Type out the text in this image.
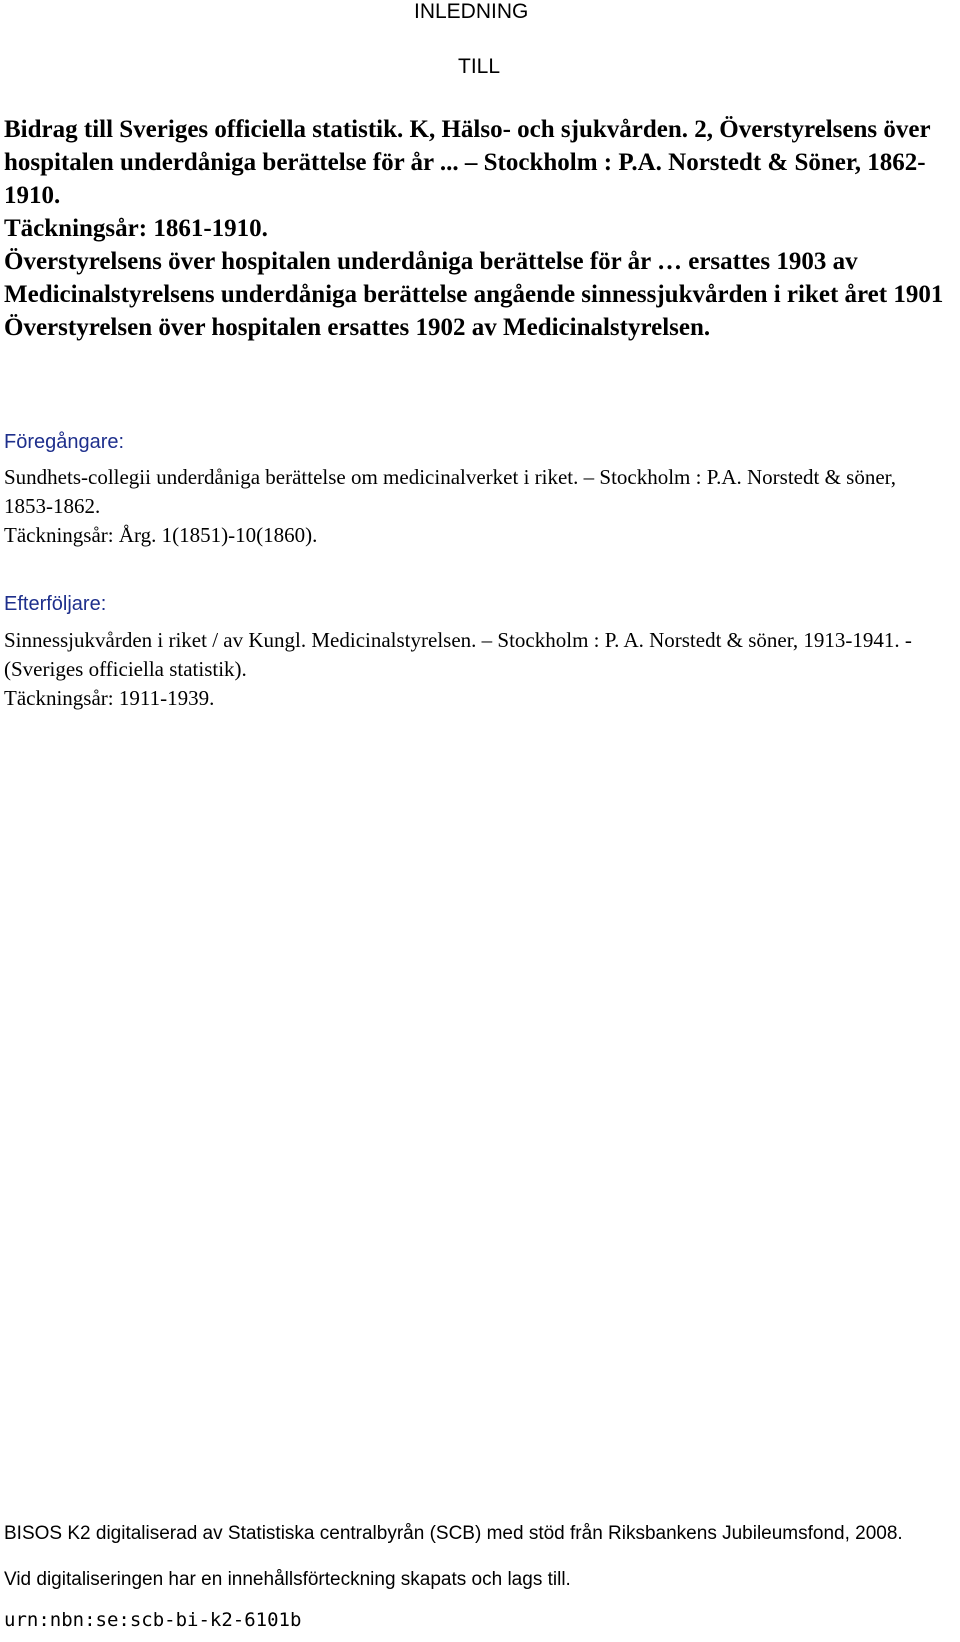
INLEDNING
TILL

Bidrag till Sveriges officiella statistik. K, Hälso- och sjukvården. 2, Överstyrelsens över hospitalen underdåniga berättelse för år ... – Stockholm : P.A. Norstedt & Söner, 1862-1910.

Täckningsår: 1861-1910.

Överstyrelsens över hospitalen underdåniga berättelse för år … ersattes 1903 av Medicinalstyrelsens underdåniga berättelse angående sinnessjukvården i riket året 1901

Överstyrelsen över hospitalen ersattes 1902 av Medicinalstyrelsen.

Föregångare:

Sundhets-collegii underdåniga berättelse om medicinalverket i riket. – Stockholm : P.A. Norstedt & söner, 1853-1862.

Täckningsår: Årg. 1(1851)-10(1860).

Efterföljare:

Sinnessjukvården i riket / av Kungl. Medicinalstyrelsen. – Stockholm : P. A. Norstedt & söner, 1913-1941. - (Sveriges officiella statistik).

Täckningsår: 1911-1939.

BISOS K2 digitaliserad av Statistiska centralbyrån (SCB) med stöd från Riksbankens Jubileumsfond, 2008.

Vid digitaliseringen har en innehållsförteckning skapats och lags till.

urn:nbn:se:scb-bi-k2-6101b
